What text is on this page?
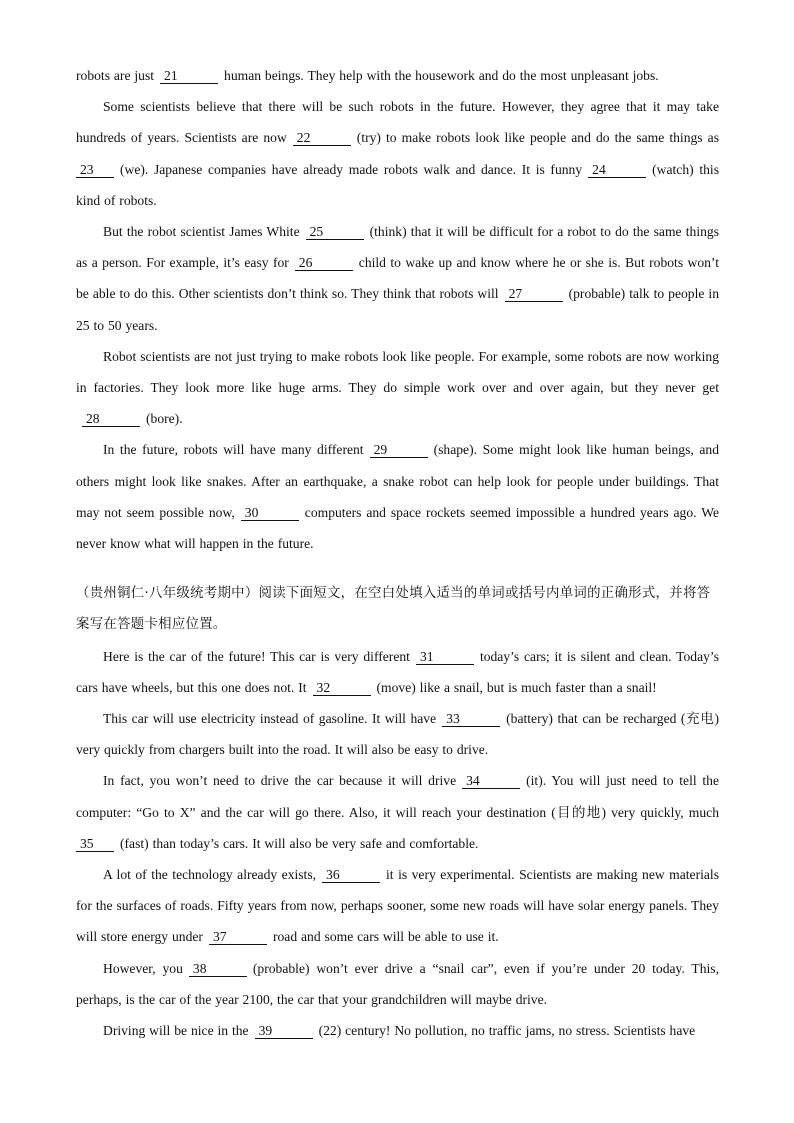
robots are just 21	human beings. They help with the housework and do the most unpleasant jobs.

Some scientists believe that there will be such robots in the future. However, they agree that it may take hundreds of years. Scientists are now 22	(try) to make robots look like people and do the same things as 23 (we). Japanese companies have already made robots walk and dance. It is funny 24	(watch) this kind of robots.

But the robot scientist James White 25	(think) that it will be difficult for a robot to do the same things as a person. For example, it’s easy for 26	child to wake up and know where he or she is. But robots won’t be able to do this. Other scientists don’t think so. They think that robots will 27	(probable) talk to people in 25 to 50 years.

Robot scientists are not just trying to make robots look like people. For example, some robots are now working in factories. They look more like huge arms. They do simple work over and over again, but they never get28	(bore).

In the future, robots will have many different 29	(shape). Some might look like human beings, and others might look like snakes. After an earthquake, a snake robot can help look for people under buildings. That may not seem possible now, 30	computers and space rockets seemed impossible a hundred years ago. We never know what will happen in the future.

（贵州铜仁·八年级统考期中）阅读下面短文，在空白处填入适当的单词或括号内单词的正确形式，并将答案写在答题卡相应位置。

Here is the car of the future! This car is very different 31	today’s cars; it is silent and clean. Today’s cars have wheels, but this one does not. It 32	(move) like a snail, but is much faster than a snail!

This car will use electricity instead of gasoline. It will have 33	(battery) that can be recharged (充电) very quickly from chargers built into the road. It will also be easy to drive.

In fact, you won’t need to drive the car because it will drive 34	(it). You will just need to tell the computer: “Go to X” and the car will go there. Also, it will reach your destination (目的地) very quickly, much 35 (fast) than today’s cars. It will also be very safe and comfortable.

A lot of the technology already exists, 36	it is very experimental. Scientists are making new materials for the surfaces of roads. Fifty years from now, perhaps sooner, some new roads will have solar energy panels. They will store energy under 37	road and some cars will be able to use it.

However, you 38	(probable) won’t ever drive a “snail car”, even if you’re under 20 today. This, perhaps, is the car of the year 2100, the car that your grandchildren will maybe drive.

Driving will be nice in the 39	(22) century! No pollution, no traffic jams, no stress. Scientists have
